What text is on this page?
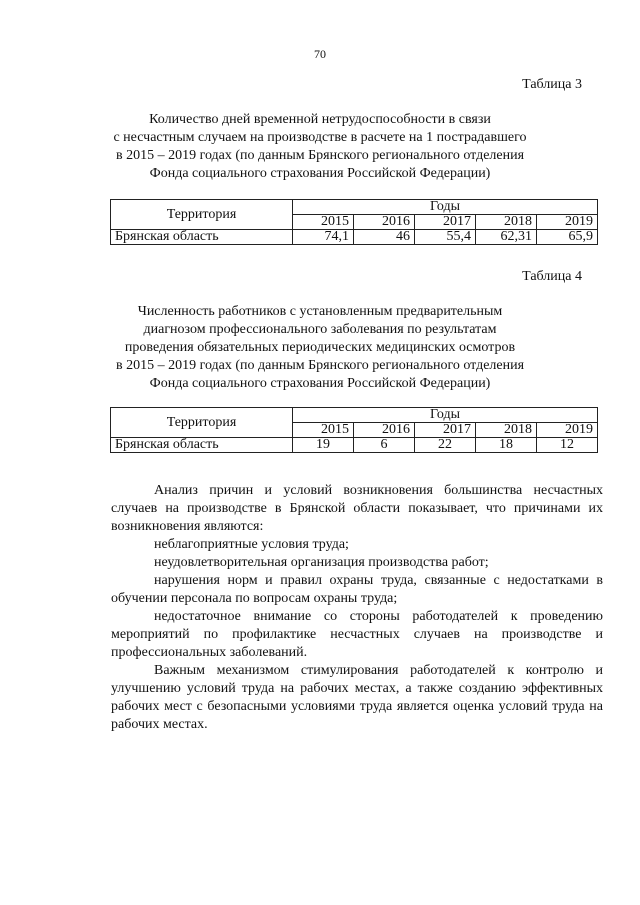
70
Таблица 3
Количество дней временной нетрудоспособности в связи
с несчастным случаем на производстве в расчете на 1 пострадавшего
в 2015 – 2019 годах (по данным Брянского регионального отделения
Фонда социального страхования Российской Федерации)
Территория	Годы				
	2015	2016	2017	2018	2019
Брянская область	74,1	46	55,4	62,31	65,9
Таблица 4
Численность работников с установленным предварительным
диагнозом профессионального заболевания по результатам
проведения обязательных периодических медицинских осмотров
в 2015 – 2019 годах (по данным Брянского регионального отделения
Фонда социального страхования Российской Федерации)
Территория	Годы				
	2015	2016	2017	2018	2019
Брянская область	19	6	22	18	12

Анализ причин и условий возникновения большинства несчастных случаев на производстве в Брянской области показывает, что причинами их возникновения являются:

неблагоприятные условия труда;

неудовлетворительная организация производства работ;

нарушения норм и правил охраны труда, связанные с недостатками в обучении персонала по вопросам охраны труда;

недостаточное внимание со стороны работодателей к проведению мероприятий по профилактике несчастных случаев на производстве и профессиональных заболеваний.

Важным механизмом стимулирования работодателей к контролю и улучшению условий труда на рабочих местах, а также созданию эффективных рабочих мест с безопасными условиями труда является оценка условий труда на рабочих местах.
